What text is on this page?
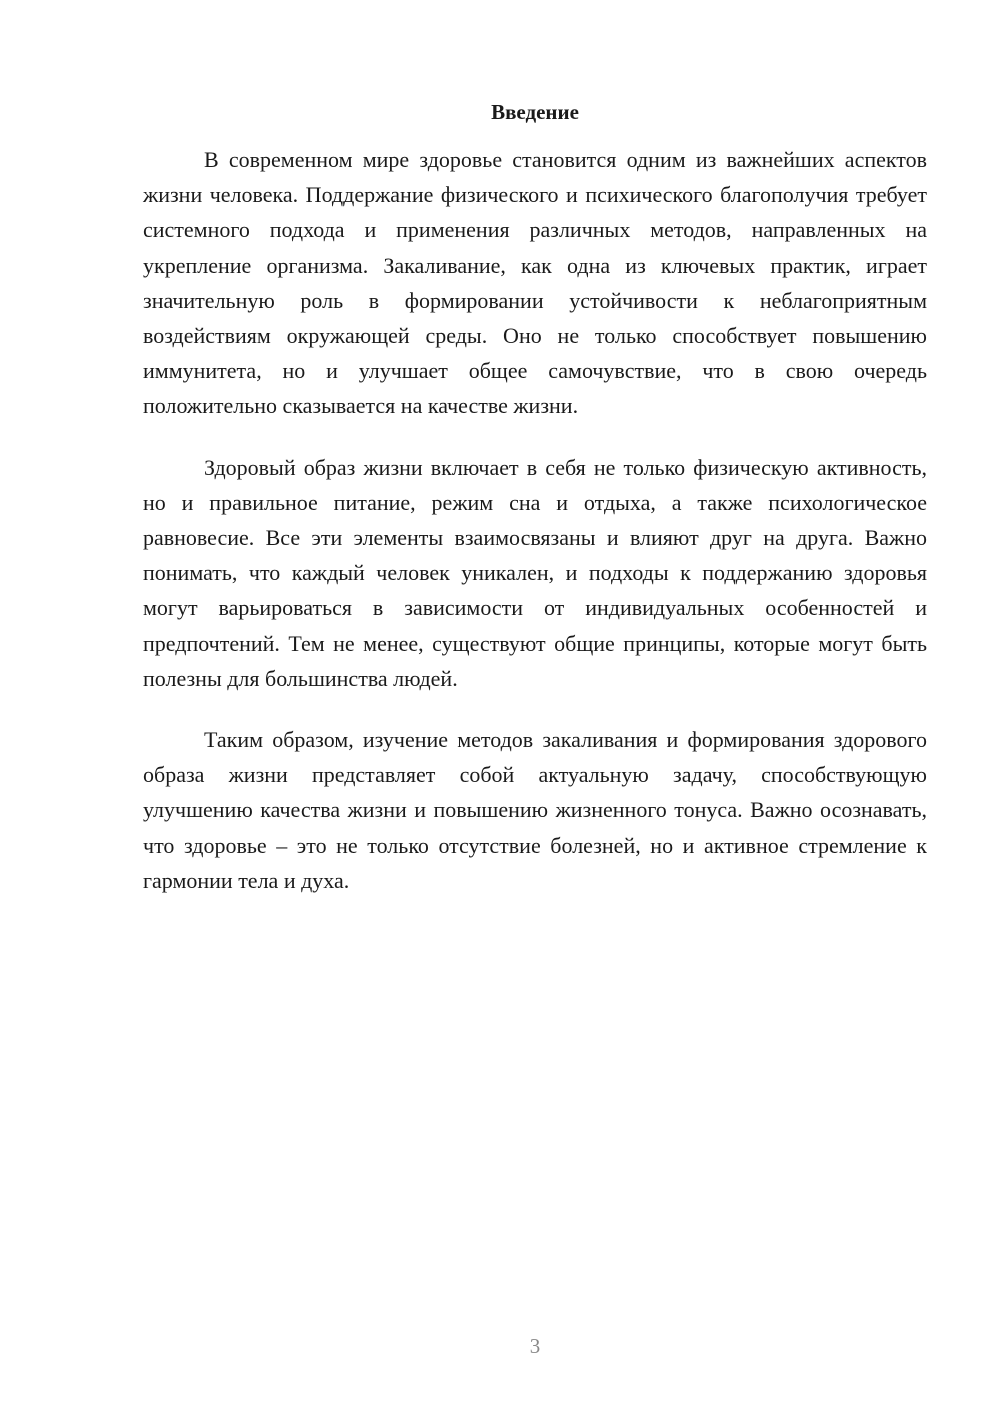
Введение

В современном мире здоровье становится одним из важнейших аспектов жизни человека. Поддержание физического и психического благополучия требует системного подхода и применения различных методов, направленных на укрепление организма. Закаливание, как одна из ключевых практик, играет значительную роль в формировании устойчивости к неблагоприятным воздействиям окружающей среды. Оно не только способствует повышению иммунитета, но и улучшает общее самочувствие, что в свою очередь положительно сказывается на качестве жизни.

Здоровый образ жизни включает в себя не только физическую активность, но и правильное питание, режим сна и отдыха, а также психологическое равновесие. Все эти элементы взаимосвязаны и влияют друг на друга. Важно понимать, что каждый человек уникален, и подходы к поддержанию здоровья могут варьироваться в зависимости от индивидуальных особенностей и предпочтений. Тем не менее, существуют общие принципы, которые могут быть полезны для большинства людей.

Таким образом, изучение методов закаливания и формирования здорового образа жизни представляет собой актуальную задачу, способствующую улучшению качества жизни и повышению жизненного тонуса. Важно осознавать, что здоровье – это не только отсутствие болезней, но и активное стремление к гармонии тела и духа.

3
